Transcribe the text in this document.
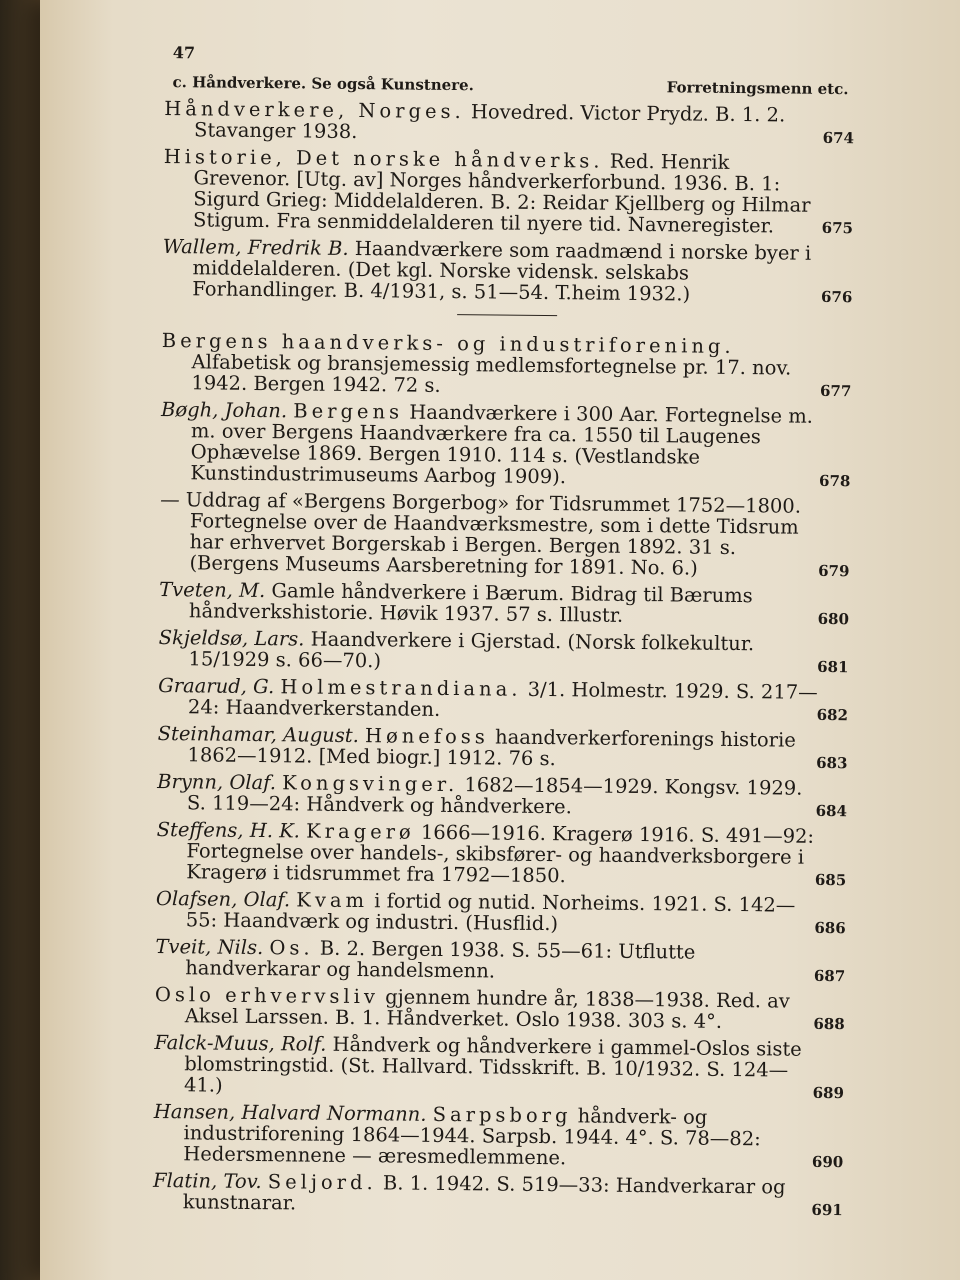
47
c. Håndverkere. Se også Kunstnere.	Forretningsmenn etc.
Håndverkere, Norges. Hovedred. Victor Prydz. B. 1. 2. Stavanger 1938.	674
Historie, Det norske håndverks. Red. Henrik Grevenor. [Utg. av] Norges håndverkerforbund. 1936. B. 1: Sigurd Grieg: Middelalderen. B. 2: Reidar Kjellberg og Hilmar Stigum. Fra senmiddelalderen til nyere tid. Navneregister.	675
Wallem, Fredrik B. Haandværkere som raadmænd i norske byer i middelalderen. (Det kgl. Norske vidensk. selskabs Forhandlinger. B. 4/1931, s. 51—54. T.heim 1932.)	676
Bergens haandverks- og industriforening. Alfabetisk og bransjemessig medlemsfortegnelse pr. 17. nov. 1942. Bergen 1942. 72 s.	677
Bøgh, Johan. Bergens Haandværkere i 300 Aar. Fortegnelse m. m. over Bergens Haandværkere fra ca. 1550 til Laugenes Ophævelse 1869. Bergen 1910. 114 s. (Vestlandske Kunstindustrimuseums Aarbog 1909).	678
— Uddrag af «Bergens Borgerbog» for Tidsrummet 1752—1800. Fortegnelse over de Haandværksmestre, som i dette Tidsrum har erhvervet Borgerskab i Bergen. Bergen 1892. 31 s. (Bergens Museums Aarsberetning for 1891. No. 6.)	679
Tveten, M. Gamle håndverkere i Bærum. Bidrag til Bærums håndverkshistorie. Høvik 1937. 57 s. Illustr.	680
Skjeldsø, Lars. Haandverkere i Gjerstad. (Norsk folkekultur. 15/1929 s. 66—70.)	681
Graarud, G. Holmestrandiana. 3/1. Holmestr. 1929. S. 217—24: Haandverkerstanden.	682
Steinhamar, August. Hønefoss haandverkerforenings historie 1862—1912. [Med biogr.] 1912. 76 s.	683
Brynn, Olaf. Kongsvinger. 1682—1854—1929. Kongsv. 1929. S. 119—24: Håndverk og håndverkere.	684
Steffens, H. K. Kragerø 1666—1916. Kragerø 1916. S. 491—92: Fortegnelse over handels-, skibsfører- og haandverksborgere i Kragerø i tidsrummet fra 1792—1850.	685
Olafsen, Olaf. Kvam i fortid og nutid. Norheims. 1921. S. 142—55: Haandværk og industri. (Husflid.)	686
Tveit, Nils. Os. B. 2. Bergen 1938. S. 55—61: Utflutte handverkarar og handelsmenn.	687
Oslo erhvervsliv gjennem hundre år, 1838—1938. Red. av Aksel Larssen. B. 1. Håndverket. Oslo 1938. 303 s. 4°.	688
Falck-Muus, Rolf. Håndverk og håndverkere i gammel-Oslos siste blomstringstid. (St. Hallvard. Tidsskrift. B. 10/1932. S. 124—41.)	689
Hansen, Halvard Normann. Sarpsborg håndverk- og industriforening 1864—1944. Sarpsb. 1944. 4°. S. 78—82: Hedersmennene — æresmedlemmene.	690
Flatin, Tov. Seljord. B. 1. 1942. S. 519—33: Handverkarar og kunstnarar.	691
